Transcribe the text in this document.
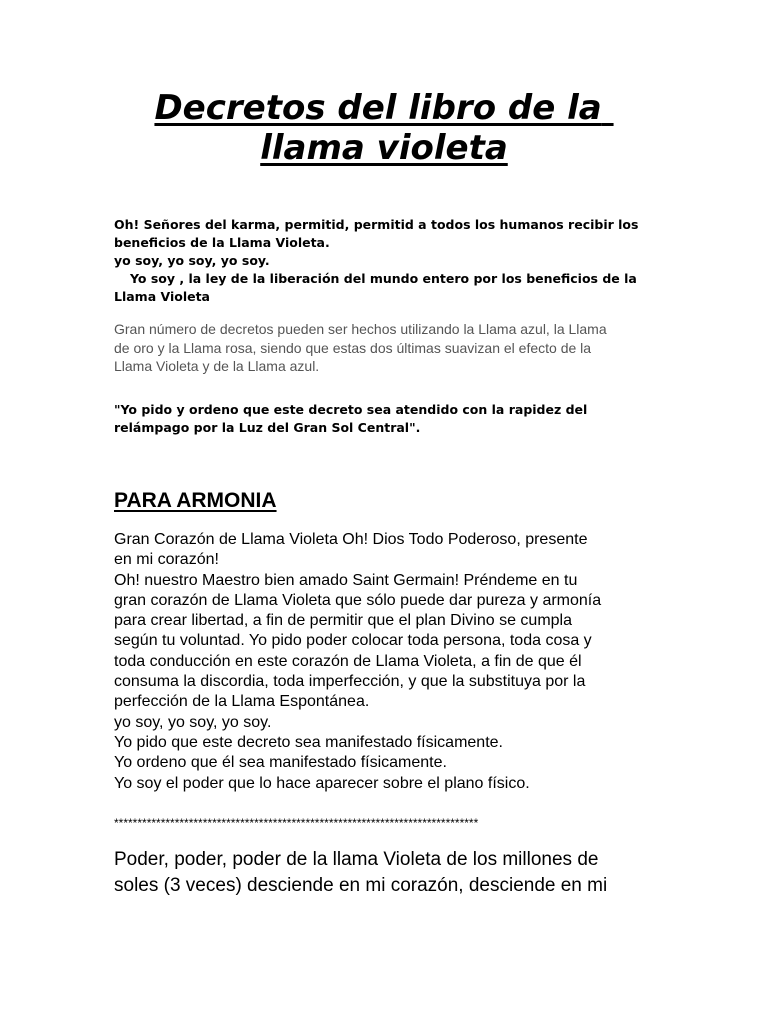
Decretos del libro de la
llama violeta
Oh! Señores del karma, permitid, permitid a todos los humanos recibir los
beneficios de la Llama Violeta.
yo soy, yo soy, yo soy.
Yo soy , la ley de la liberación del mundo entero por los beneficios de la
Llama Violeta
Gran número de decretos pueden ser hechos utilizando la Llama azul, la Llama
de oro y la Llama rosa, siendo que estas dos últimas suavizan el efecto de la
Llama Violeta y de la Llama azul.
"Yo pido y ordeno que este decreto sea atendido con la rapidez del
relámpago por la Luz del Gran Sol Central".
PARA ARMONIA
Gran Corazón de Llama Violeta Oh! Dios Todo Poderoso, presente
en mi corazón!
Oh! nuestro Maestro bien amado Saint Germain! Préndeme en tu
gran corazón de Llama Violeta que sólo puede dar pureza y armonía
para crear libertad, a fin de permitir que el plan Divino se cumpla
según tu voluntad. Yo pido poder colocar toda persona, toda cosa y
toda conducción en este corazón de Llama Violeta, a fin de que él
consuma la discordia, toda imperfección, y que la substituya por la
perfección de la Llama Espontánea.
yo soy, yo soy, yo soy.
Yo pido que este decreto sea manifestado físicamente.
Yo ordeno que él sea manifestado físicamente.
Yo soy el poder que lo hace aparecer sobre el plano físico.
******************************************************************************
Poder, poder, poder de la llama Violeta de los millones de
soles (3 veces) desciende en mi corazón, desciende en mi
